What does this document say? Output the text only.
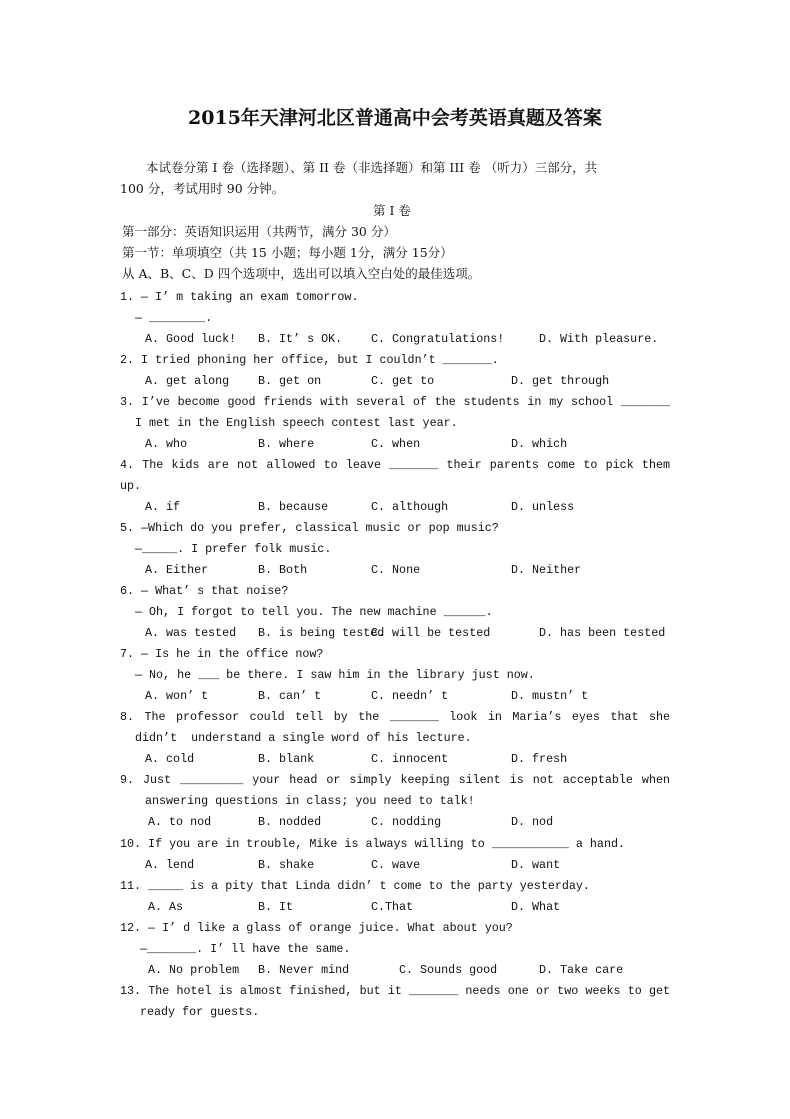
2015年天津河北区普通高中会考英语真题及答案
本试卷分第 I 卷（选择题）、第 II 卷（非选择题）和第 III 卷 （听力）三部分，共
100 分，考试用时 90 分钟。
第 I 卷
第一部分：英语知识运用（共两节，满分 30 分）
第一节：单项填空（共 15 小题；每小题 1分，满分 15分）
从 A、B、C、D 四个选项中，选出可以填入空白处的最佳选项。
1. — I’ m taking an exam tomorrow.
— ________.
A. Good luck! B. It’ s OK. C. Congratulations!	D. With pleasure.
2. I tried phoning her office, but I couldn’t _______.
A. get along B. get on	C. get to	D. get through
3. I’ve become good friends with several of the students in my school _______
I met in the English speech contest last year.
A. who	B. where	C. when	D. which
4. The kids are not allowed to leave _______ their parents come to pick them
up.
A. if	B. because	C. although	D. unless
5. —Which do you prefer, classical music or pop music?
—_____. I prefer folk music.
A. Either	B. Both	C. None	D. Neither
6. — What’ s that noise?
— Oh, I forgot to tell you. The new machine ______.
A. was tested B. is being tested
C. will be tested	D. has been tested
7. — Is he in the office now?
— No, he ___ be there. I saw him in the library just now.
A. won’ t	B. can’ t	C. needn’ t	D. mustn’ t
8. The professor could tell by the _______ look in Maria’s eyes that she
didn’t  understand a single word of his lecture.
A. cold	B. blank	C. innocent	D. fresh
9. Just _________ your head or simply keeping silent is not acceptable when
answering questions in class; you need to talk!
A. to nod	B. nodded	C. nodding	D. nod
10. If you are in trouble, Mike is always willing to ___________ a hand.
A. lend	B. shake	C. wave	D. want
11. _____ is a pity that Linda didn’ t come to the party yesterday.
A. As	B. It	C.That	D. What
12. — I’ d like a glass of orange juice. What about you?
—_______. I’ ll have the same.
A. No problem B. Never mind	C. Sounds good	D. Take care
13. The hotel is almost finished, but it _______ needs one or two weeks to get
ready for guests.
